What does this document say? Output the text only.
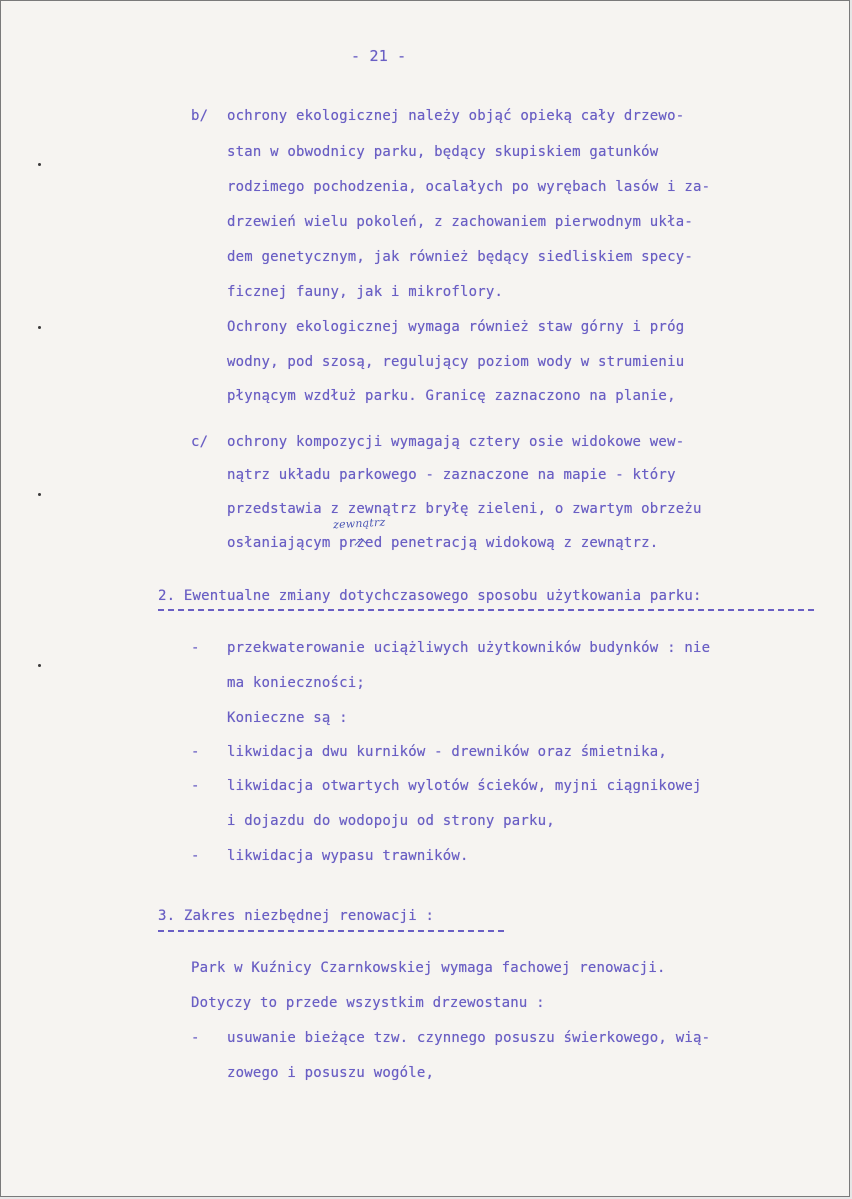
- 21 -
b/ ochrony ekologicznej należy objąć opieką cały drzewo-
stan w obwodnicy parku, będący skupiskiem gatunków
rodzimego pochodzenia, ocalałych po wyrębach lasów i za-
drzewień wielu pokoleń, z zachowaniem pierwodnym ukła-
dem genetycznym, jak również będący siedliskiem specy-
ficznej fauny, jak i mikroflory.
Ochrony ekologicznej wymaga również staw górny i próg
wodny, pod szosą, regulujący poziom wody w strumieniu
płynącym wzdłuż parku. Granicę zaznaczono na planie,
c/ ochrony kompozycji wymagają cztery osie widokowe wew-
nątrz układu parkowego - zaznaczone na mapie - który
przedstawia z zewnątrz bryłę zieleni, o zwartym obrzeżu
zewnątrz
osłaniającym przed penetracją widokową z zewnątrz.
2. Ewentualne zmiany dotychczasowego sposobu użytkowania parku:
- przekwaterowanie uciążliwych użytkowników budynków : nie
ma konieczności;
Konieczne są :
- likwidacja dwu kurników - drewników oraz śmietnika,
- likwidacja otwartych wylotów ścieków, myjni ciągnikowej
i dojazdu do wodopoju od strony parku,
- likwidacja wypasu trawników.
3. Zakres niezbędnej renowacji :
Park w Kuźnicy Czarnkowskiej wymaga fachowej renowacji.
Dotyczy to przede wszystkim drzewostanu :
- usuwanie bieżące tzw. czynnego posuszu świerkowego, wią-
zowego i posuszu wogóle,
